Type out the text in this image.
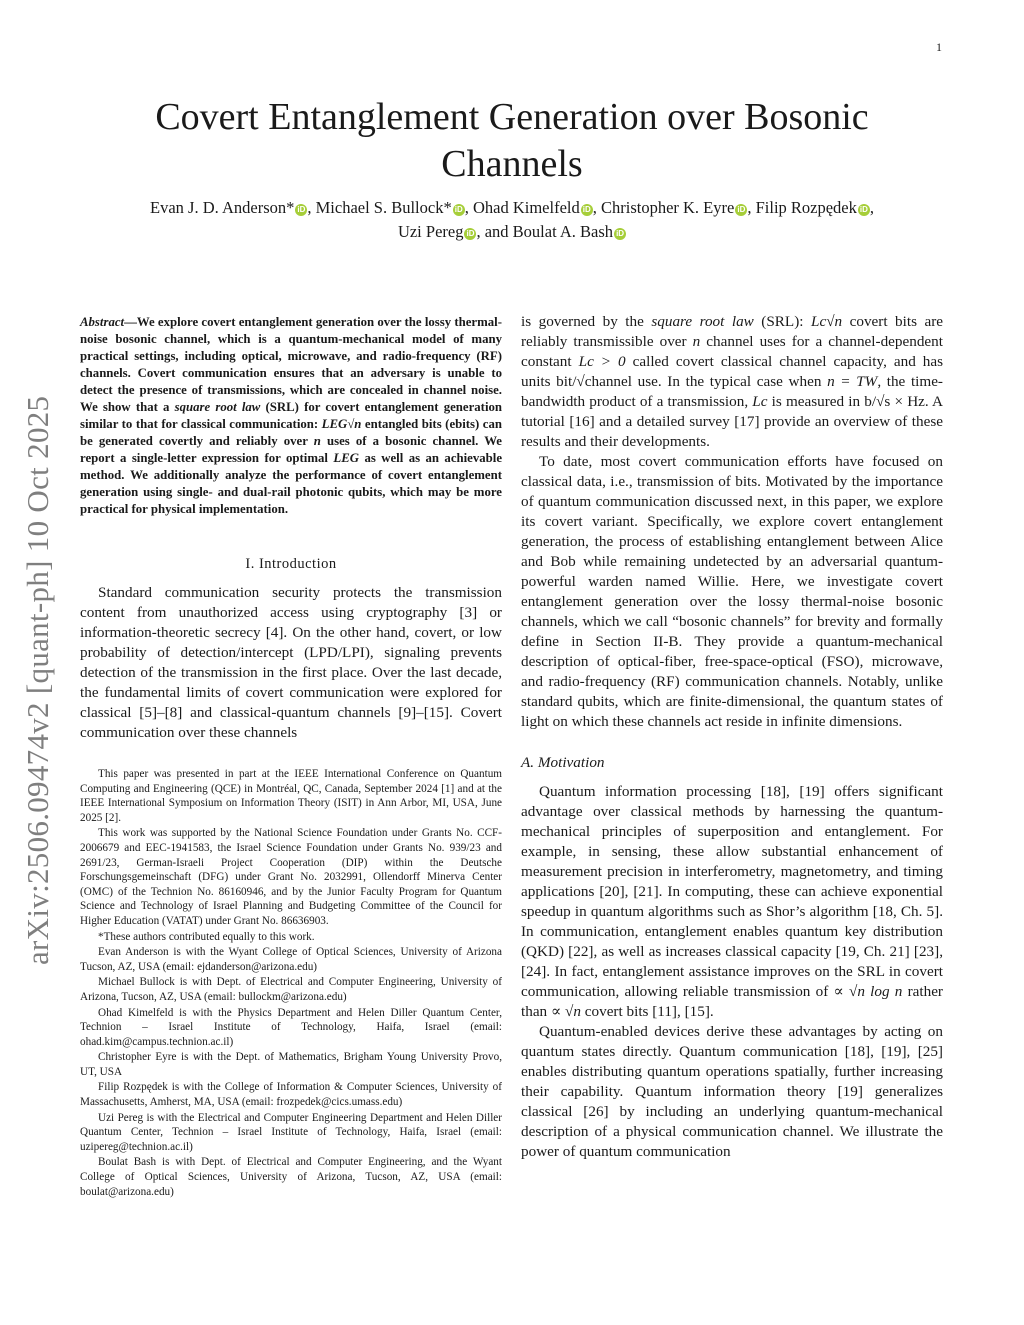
1
arXiv:2506.09474v2 [quant-ph] 10 Oct 2025
Covert Entanglement Generation over Bosonic
Channels
Evan J. D. Anderson* iD , Michael S. Bullock* iD , Ohad Kimelfeld iD , Christopher K. Eyre iD , Filip Rozpędek iD ,
Uzi Pereg iD , and Boulat A. Bash iD

Abstract—We explore covert entanglement generation over the lossy thermal-noise bosonic channel, which is a quantum-mechanical model of many practical settings, including optical, microwave, and radio-frequency (RF) channels. Covert communication ensures that an adversary is unable to detect the presence of transmissions, which are concealed in channel noise. We show that a square root law (SRL) for covert entanglement generation similar to that for classical communication: LEG√n entangled bits (ebits) can be generated covertly and reliably over n uses of a bosonic channel. We report a single-letter expression for optimal LEG as well as an achievable method. We additionally analyze the performance of covert entanglement generation using single- and dual-rail photonic qubits, which may be more practical for physical implementation.

I. Introduction

Standard communication security protects the transmission content from unauthorized access using cryptography [3] or information-theoretic secrecy [4]. On the other hand, covert, or low probability of detection/intercept (LPD/LPI), signaling prevents detection of the transmission in the first place. Over the last decade, the fundamental limits of covert communication were explored for classical [5]–[8] and classical-quantum channels [9]–[15]. Covert communication over these channels

This paper was presented in part at the IEEE International Conference on Quantum Computing and Engineering (QCE) in Montréal, QC, Canada, September 2024 [1] and at the IEEE International Symposium on Information Theory (ISIT) in Ann Arbor, MI, USA, June 2025 [2].

This work was supported by the National Science Foundation under Grants No. CCF-2006679 and EEC-1941583, the Israel Science Foundation under Grants No. 939/23 and 2691/23, German-Israeli Project Cooperation (DIP) within the Deutsche Forschungsgemeinschaft (DFG) under Grant No. 2032991, Ollendorff Minerva Center (OMC) of the Technion No. 86160946, and by the Junior Faculty Program for Quantum Science and Technology of Israel Planning and Budgeting Committee of the Council for Higher Education (VATAT) under Grant No. 86636903.

*These authors contributed equally to this work.

Evan Anderson is with the Wyant College of Optical Sciences, University of Arizona Tucson, AZ, USA (email: ejdanderson@arizona.edu)

Michael Bullock is with Dept. of Electrical and Computer Engineering, University of Arizona, Tucson, AZ, USA (email: bullockm@arizona.edu)

Ohad Kimelfeld is with the Physics Department and Helen Diller Quantum Center, Technion – Israel Institute of Technology, Haifa, Israel (email: ohad.kim@campus.technion.ac.il)

Christopher Eyre is with the Dept. of Mathematics, Brigham Young University Provo, UT, USA

Filip Rozpędek is with the College of Information & Computer Sciences, University of Massachusetts, Amherst, MA, USA (email: frozpedek@cics.umass.edu)

Uzi Pereg is with the Electrical and Computer Engineering Department and Helen Diller Quantum Center, Technion – Israel Institute of Technology, Haifa, Israel (email: uzipereg@technion.ac.il)

Boulat Bash is with Dept. of Electrical and Computer Engineering, and the Wyant College of Optical Sciences, University of Arizona, Tucson, AZ, USA (email: boulat@arizona.edu)

is governed by the square root law (SRL): Lc√n covert bits are reliably transmissible over n channel uses for a channel-dependent constant Lc > 0 called covert classical channel capacity, and has units bit/√channel use. In the typical case when n = TW, the time-bandwidth product of a transmission, Lc is measured in b/√s × Hz. A tutorial [16] and a detailed survey [17] provide an overview of these results and their developments.

To date, most covert communication efforts have focused on classical data, i.e., transmission of bits. Motivated by the importance of quantum communication discussed next, in this paper, we explore its covert variant. Specifically, we explore covert entanglement generation, the process of establishing entanglement between Alice and Bob while remaining undetected by an adversarial quantum-powerful warden named Willie. Here, we investigate covert entanglement generation over the lossy thermal-noise bosonic channels, which we call “bosonic channels” for brevity and formally define in Section II-B. They provide a quantum-mechanical description of optical-fiber, free-space-optical (FSO), microwave, and radio-frequency (RF) communication channels. Notably, unlike standard qubits, which are finite-dimensional, the quantum states of light on which these channels act reside in infinite dimensions.

A. Motivation

Quantum information processing [18], [19] offers significant advantage over classical methods by harnessing the quantum-mechanical principles of superposition and entanglement. For example, in sensing, these allow substantial enhancement of measurement precision in interferometry, magnetometry, and timing applications [20], [21]. In computing, these can achieve exponential speedup in quantum algorithms such as Shor’s algorithm [18, Ch. 5]. In communication, entanglement enables quantum key distribution (QKD) [22], as well as increases classical capacity [19, Ch. 21] [23], [24]. In fact, entanglement assistance improves on the SRL in covert communication, allowing reliable transmission of ∝ √n log n rather than ∝ √n covert bits [11], [15].

Quantum-enabled devices derive these advantages by acting on quantum states directly. Quantum communication [18], [19], [25] enables distributing quantum operations spatially, further increasing their capability. Quantum information theory [19] generalizes classical [26] by including an underlying quantum-mechanical description of a physical communication channel. We illustrate the power of quantum communication
